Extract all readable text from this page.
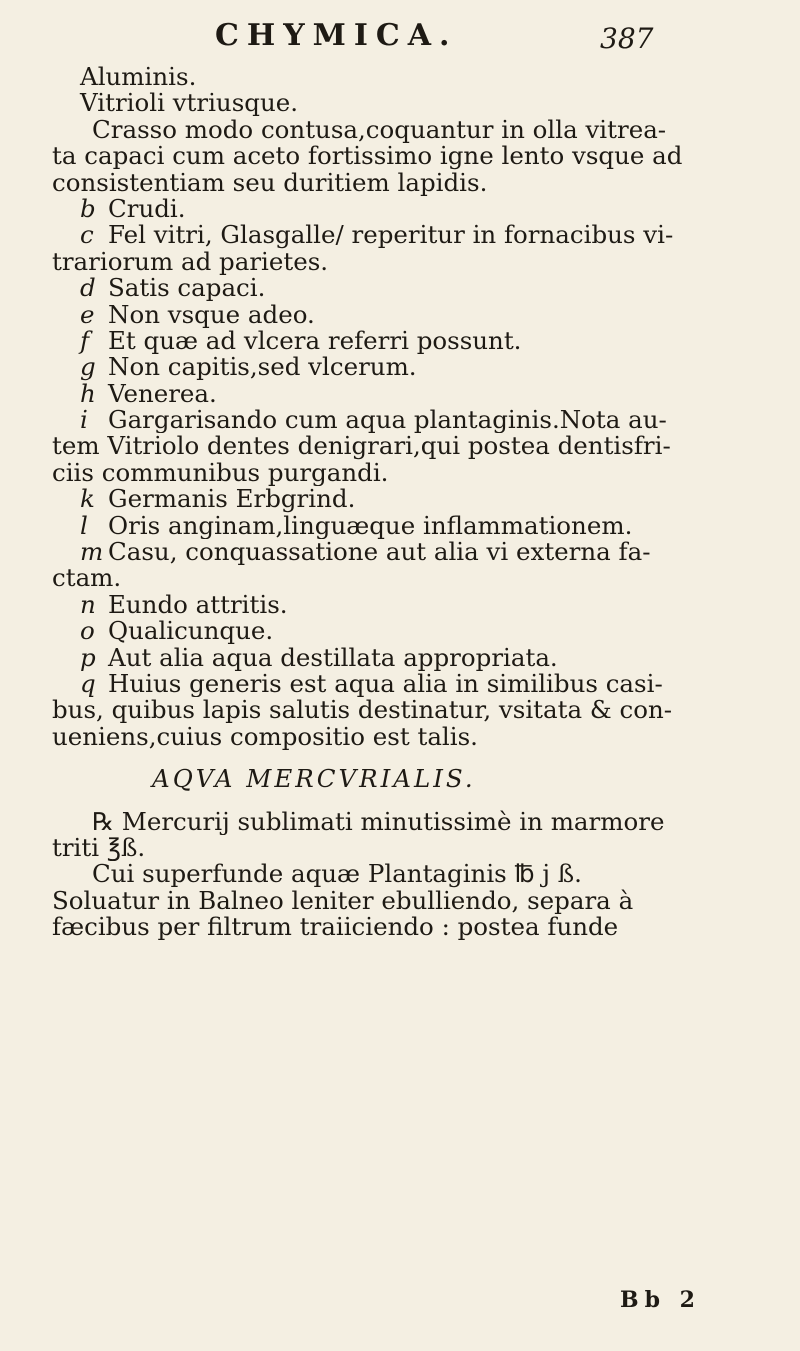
CHYMICA.	387
Aluminis.
Vitrioli vtriusque.
Crasso modo contusa,coquantur in olla vitrea-
ta capaci cum aceto fortissimo igne lento vsque ad
consistentiam seu duritiem lapidis.
b Crudi.
c Fel vitri, Glasgalle/ reperitur in fornacibus vi-
trariorum ad parietes.
d Satis capaci.
e Non vsque adeo.
f Et quæ ad vlcera referri possunt.
g Non capitis,sed vlcerum.
h Venerea.
i Gargarisando cum aqua plantaginis.Nota au-
tem Vitriolo dentes denigrari,qui postea dentisfri-
ciis communibus purgandi.
k Germanis Erbgrind.
l Oris anginam,linguæque inflammationem.
m Casu, conquassatione aut alia vi externa fa-
ctam.
n Eundo attritis.
o Qualicunque.
p Aut alia aqua destillata appropriata.
q Huius generis est aqua alia in similibus casi-
bus, quibus lapis salutis destinatur, vsitata & con-
ueniens,cuius compositio est talis.
AQVA MERCVRIALIS.
℞ Mercurij sublimati minutissimè in marmore
triti ℥ß.
Cui superfunde aquæ Plantaginis ℔ j ß.
Soluatur in Balneo leniter ebulliendo, separa à
fæcibus per filtrum traiiciendo : postea funde
Bb 2
